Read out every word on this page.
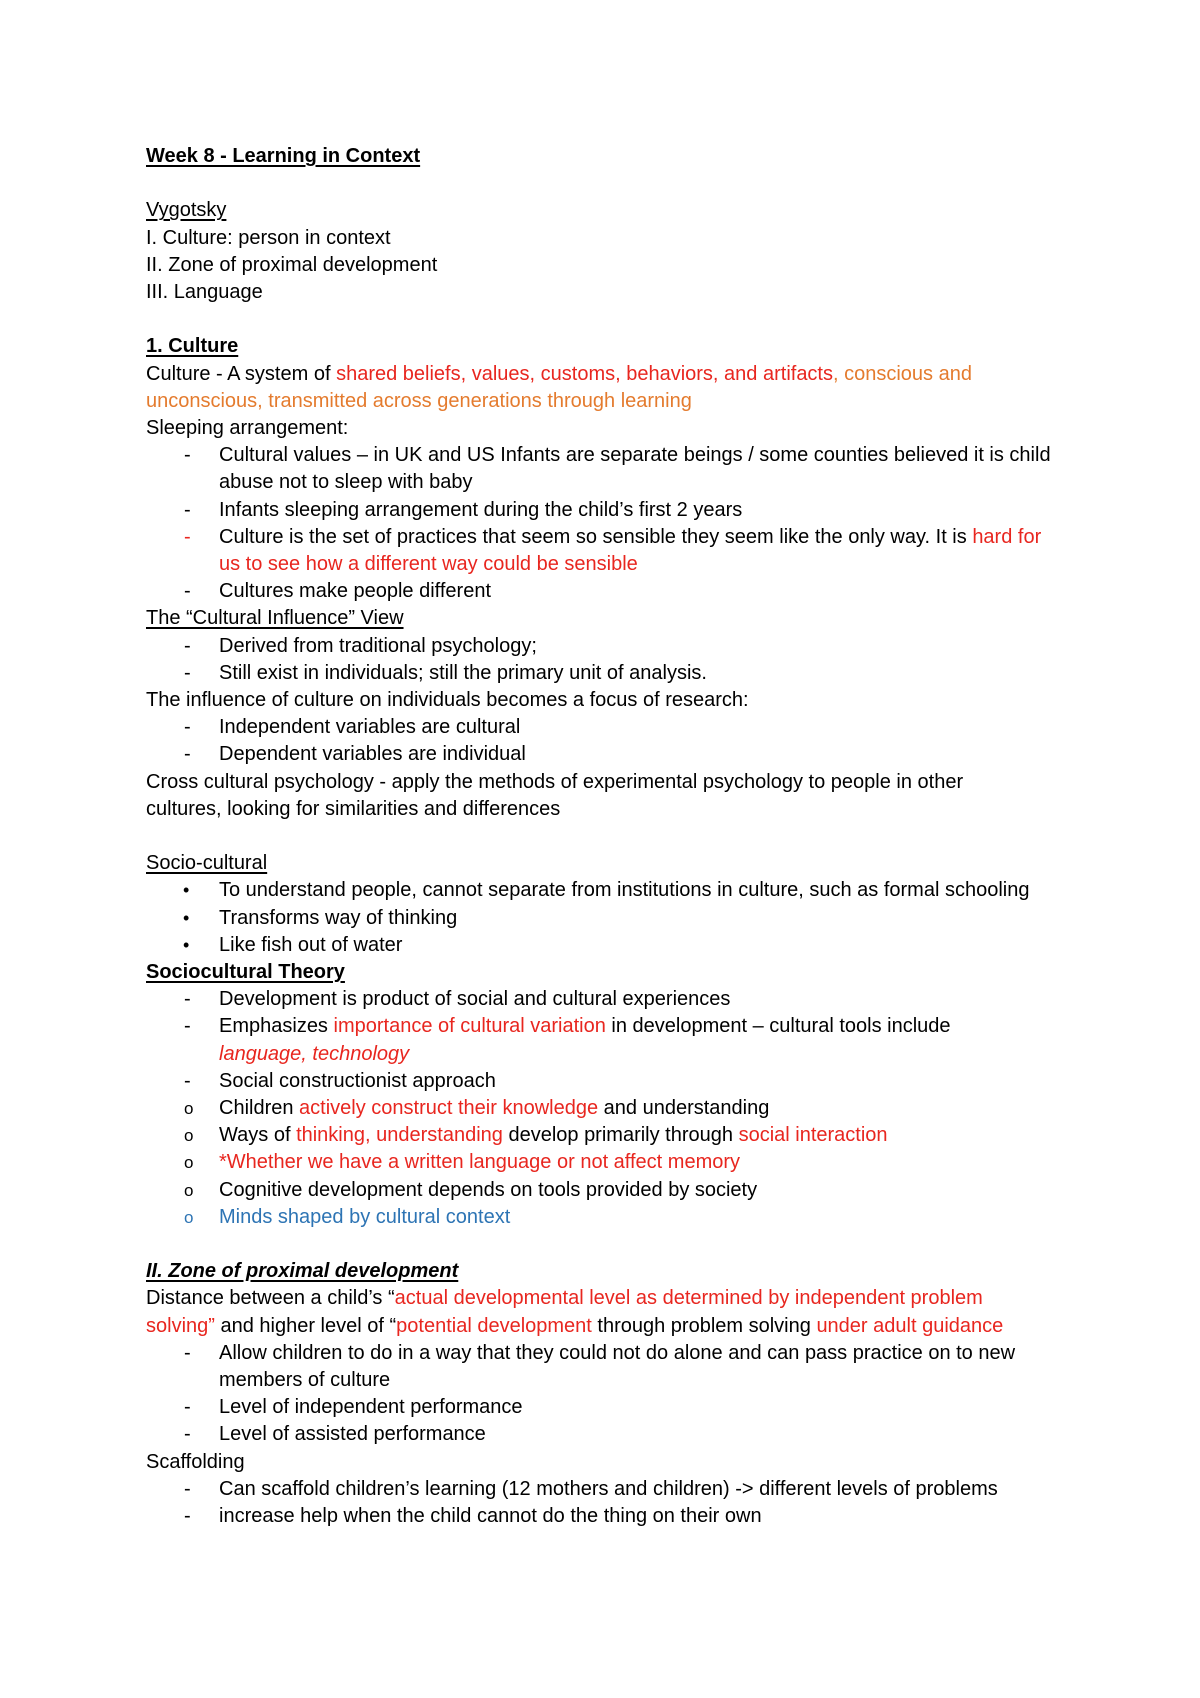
Week 8 - Learning in Context
Vygotsky
I. Culture: person in context
II. Zone of proximal development
III. Language
1. Culture
Culture - A system of shared beliefs, values, customs, behaviors, and artifacts, conscious and
unconscious, transmitted across generations through learning
Sleeping arrangement:
-	Cultural values – in UK and US Infants are separate beings / some counties believed it is child
abuse not to sleep with baby
-	Infants sleeping arrangement during the child’s first 2 years
-	Culture is the set of practices that seem so sensible they seem like the only way. It is hard for
us to see how a different way could be sensible
-	Cultures make people different
The “Cultural Influence” View
-	Derived from traditional psychology;
-	Still exist in individuals; still the primary unit of analysis.
The influence of culture on individuals becomes a focus of research:
-	Independent variables are cultural
-	Dependent variables are individual
Cross cultural psychology - apply the methods of experimental psychology to people in other
cultures, looking for similarities and differences
Socio-cultural
•	To understand people, cannot separate from institutions in culture, such as formal schooling
•	Transforms way of thinking
•	Like fish out of water
Sociocultural Theory
-	Development is product of social and cultural experiences
-	Emphasizes importance of cultural variation in development – cultural tools include
language, technology
-	Social constructionist approach
o	Children actively construct their knowledge and understanding
o	Ways of thinking, understanding develop primarily through social interaction
o	*Whether we have a written language or not affect memory
o	Cognitive development depends on tools provided by society
o	Minds shaped by cultural context
II. Zone of proximal development
Distance between a child’s “actual developmental level as determined by independent problem
solving” and higher level of “potential development through problem solving under adult guidance
-	Allow children to do in a way that they could not do alone and can pass practice on to new
members of culture
-	Level of independent performance
-	Level of assisted performance
Scaffolding
-	Can scaffold children’s learning (12 mothers and children) -> different levels of problems
-	increase help when the child cannot do the thing on their own
